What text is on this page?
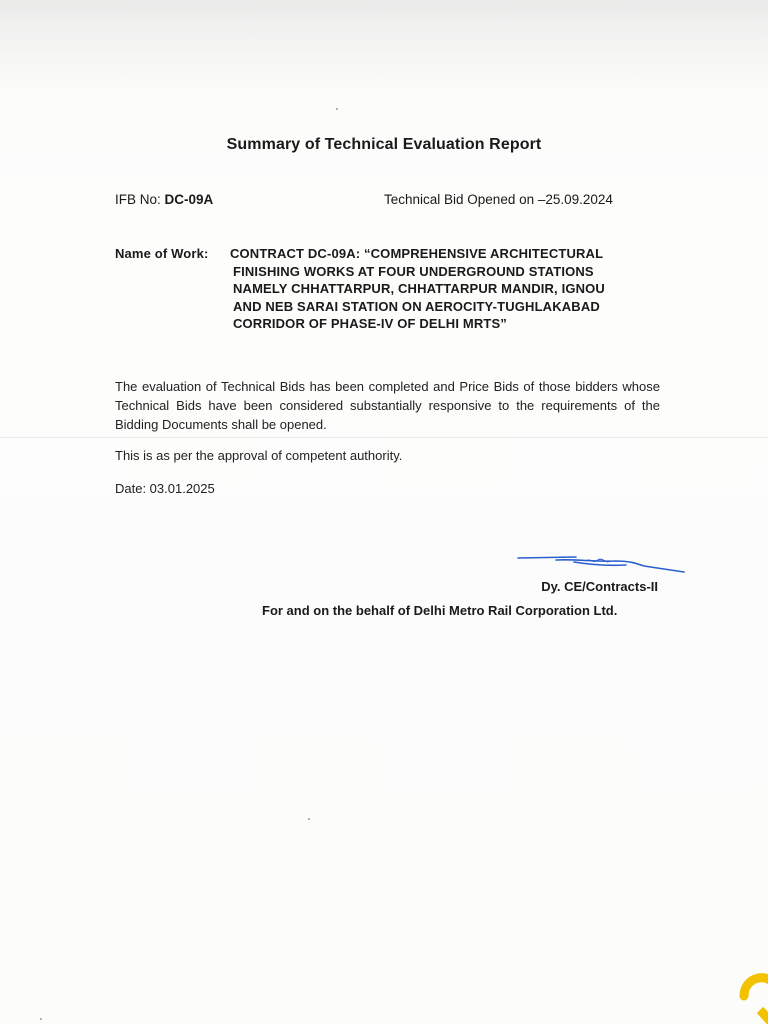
Summary of Technical Evaluation Report
IFB No: DC-09A	Technical Bid Opened on –25.09.2024
Name of Work: CONTRACT DC-09A: “COMPREHENSIVE ARCHITECTURAL

FINISHING WORKS AT FOUR UNDERGROUND STATIONS
NAMELY CHHATTARPUR, CHHATTARPUR MANDIR, IGNOU
AND NEB SARAI STATION ON AEROCITY-TUGHLAKABAD
CORRIDOR OF PHASE-IV OF DELHI MRTS”
The evaluation of Technical Bids has been completed and Price Bids of those bidders whose Technical Bids have been considered substantially responsive to the requirements of the Bidding Documents shall be opened.
This is as per the approval of competent authority.
Date: 03.01.2025
Dy. CE/Contracts-II
For and on the behalf of Delhi Metro Rail Corporation Ltd.
